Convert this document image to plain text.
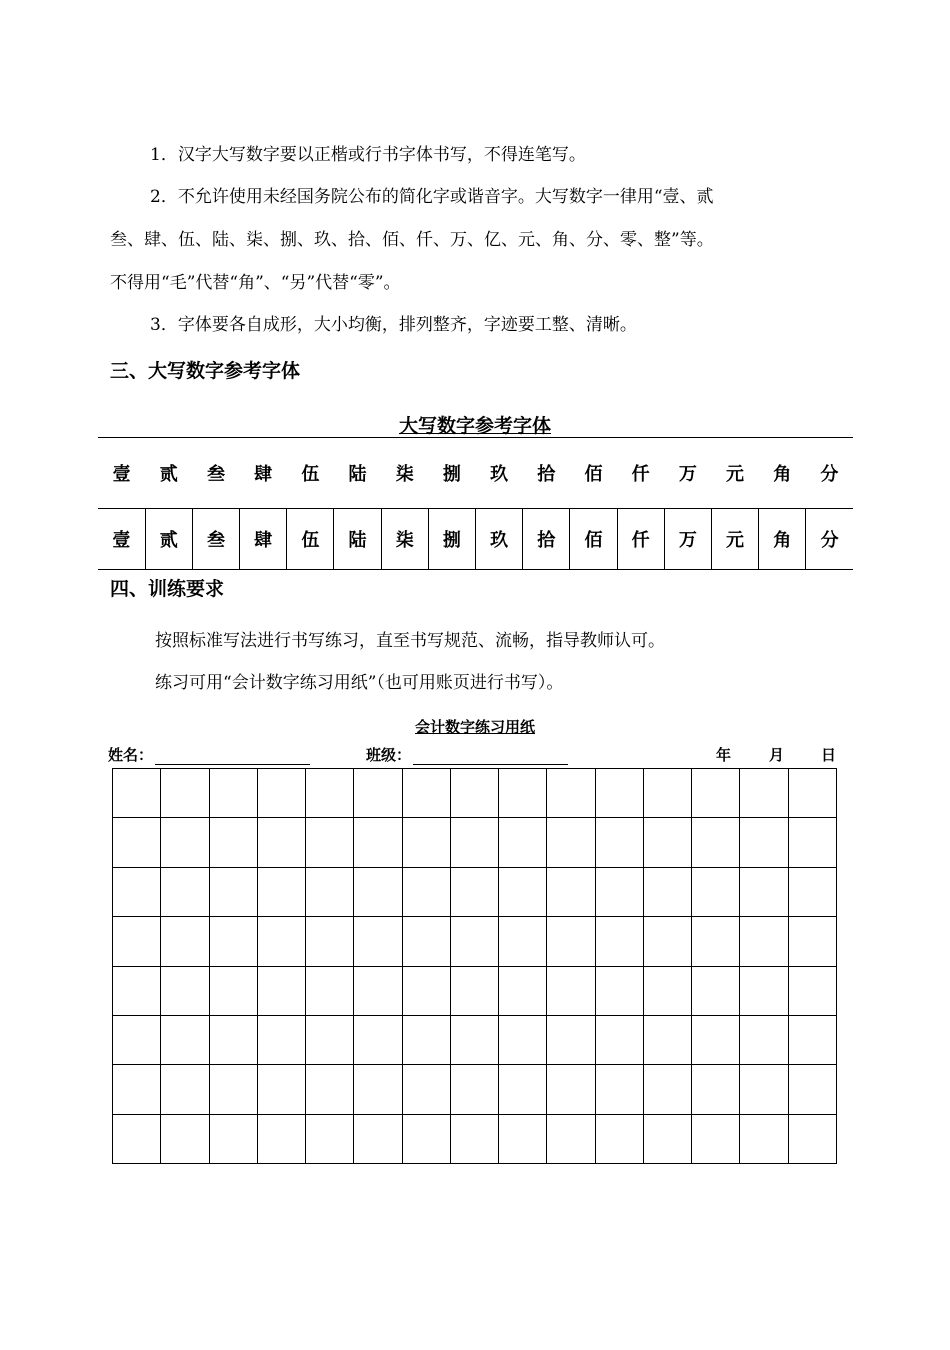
1．汉字大写数字要以正楷或行书字体书写，不得连笔写。
2．不允许使用未经国务院公布的简化字或谐音字。大写数字一律用“壹、贰
叁、肆、伍、陆、柒、捌、玖、拾、佰、仟、万、亿、元、角、分、零、整”等。
不得用“毛”代替“角”、“另”代替“零”。
3．字体要各自成形，大小均衡，排列整齐，字迹要工整、清晰。
三、大写数字参考字体
大写数字参考字体
壹	贰	叁	肆	伍	陆	柒	捌	玖	拾	佰	仟	万	元	角	分
壹	贰	叁	肆	伍	陆	柒	捌	玖	拾	佰	仟	万	元	角	分
四、训练要求
按照标准写法进行书写练习，直至书写规范、流畅，指导教师认可。
练习可用“会计数字练习用纸”（也可用账页进行书写）。
会计数字练习用纸
姓名：	班级：	年	月 日
